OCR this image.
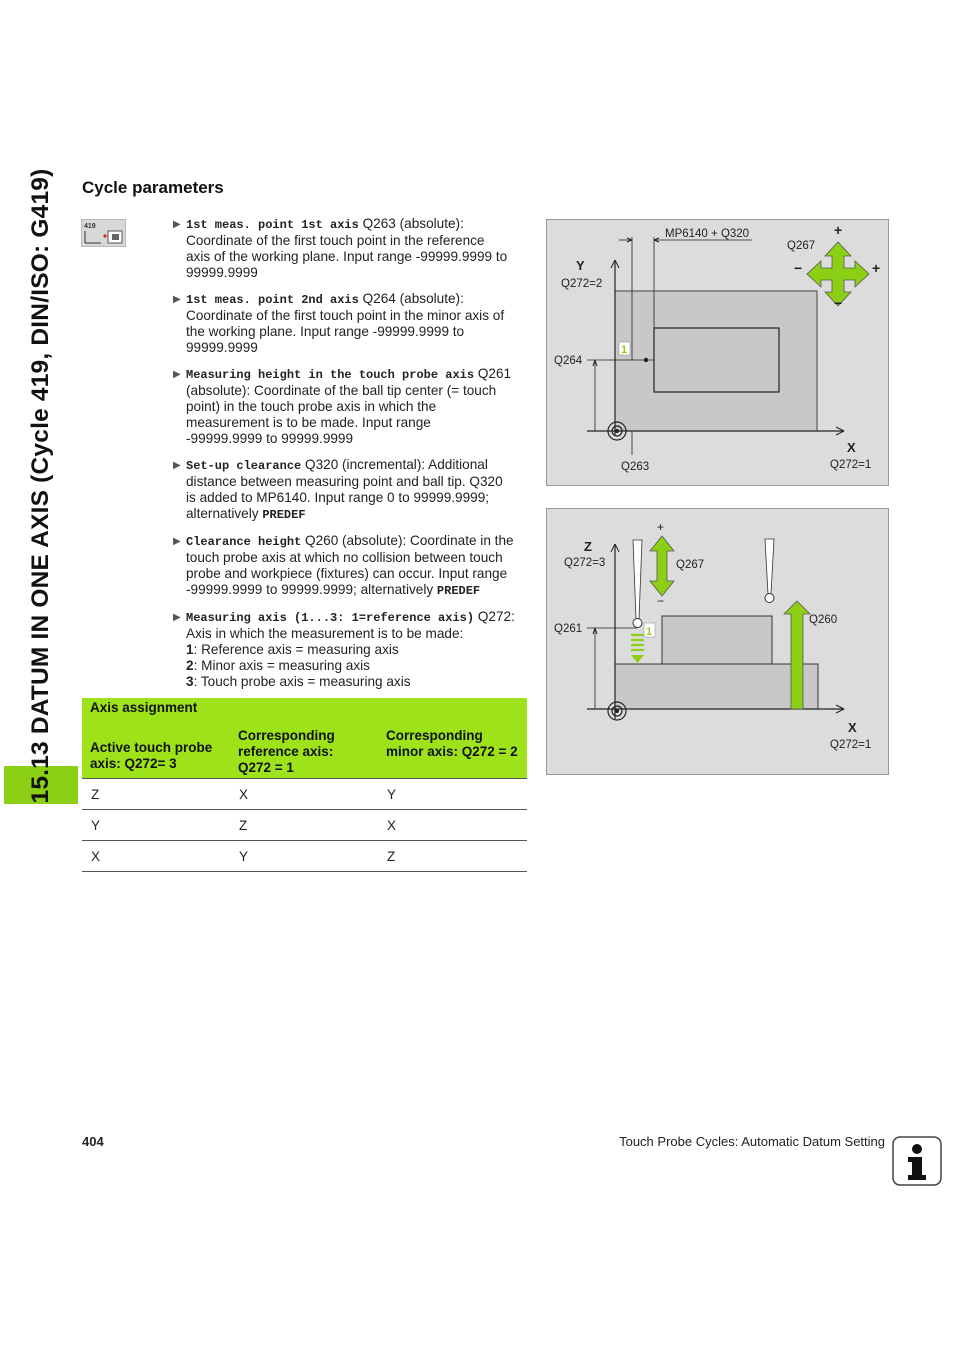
15.13 DATUM IN ONE AXIS (Cycle 419, DIN/ISO: G419) Cycle parameters
419	▶ 1st meas. point 1st axis Q263 (absolute):
Coordinate of the first touch point in the reference
axis of the working plane. Input range -99999.9999 to
99999.9999
▶ 1st meas. point 2nd axis Q264 (absolute):
Coordinate of the first touch point in the minor axis of
the working plane. Input range -99999.9999 to
99999.9999
▶ Measuring height in the touch probe axis Q261
(absolute): Coordinate of the ball tip center (= touch
point) in the touch probe axis in which the
measurement is to be made. Input range
-99999.9999 to 99999.9999
▶ Set-up clearance Q320 (incremental): Additional
distance between measuring point and ball tip. Q320
is added to MP6140. Input range 0 to 99999.9999;
alternatively PREDEF
▶ Clearance height Q260 (absolute): Coordinate in the
touch probe axis at which no collision between touch
probe and workpiece (fixtures) can occur. Input range
-99999.9999 to 99999.9999; alternatively PREDEF
▶ Measuring axis (1...3: 1=reference axis) Q272:
Axis in which the measurement is to be made:
1: Reference axis = measuring axis
2: Minor axis = measuring axis
3: Touch probe axis = measuring axis
Axis assignment		
Active touch probe axis: Q272= 3	Corresponding reference axis: Q272 = 1	Corresponding minor axis: Q272 = 2
Z	X	Y
Y	Z	X
X	Y	Z
1
+
−	+
−
MP6140 + Q320
Q267
Y
Q272=2
Q264
X
Q272=1
Q263
+
−
1
Z
Q272=3	Q267
Q261
Q260
X
Q272=1
404	Touch Probe Cycles: Automatic Datum Setting
